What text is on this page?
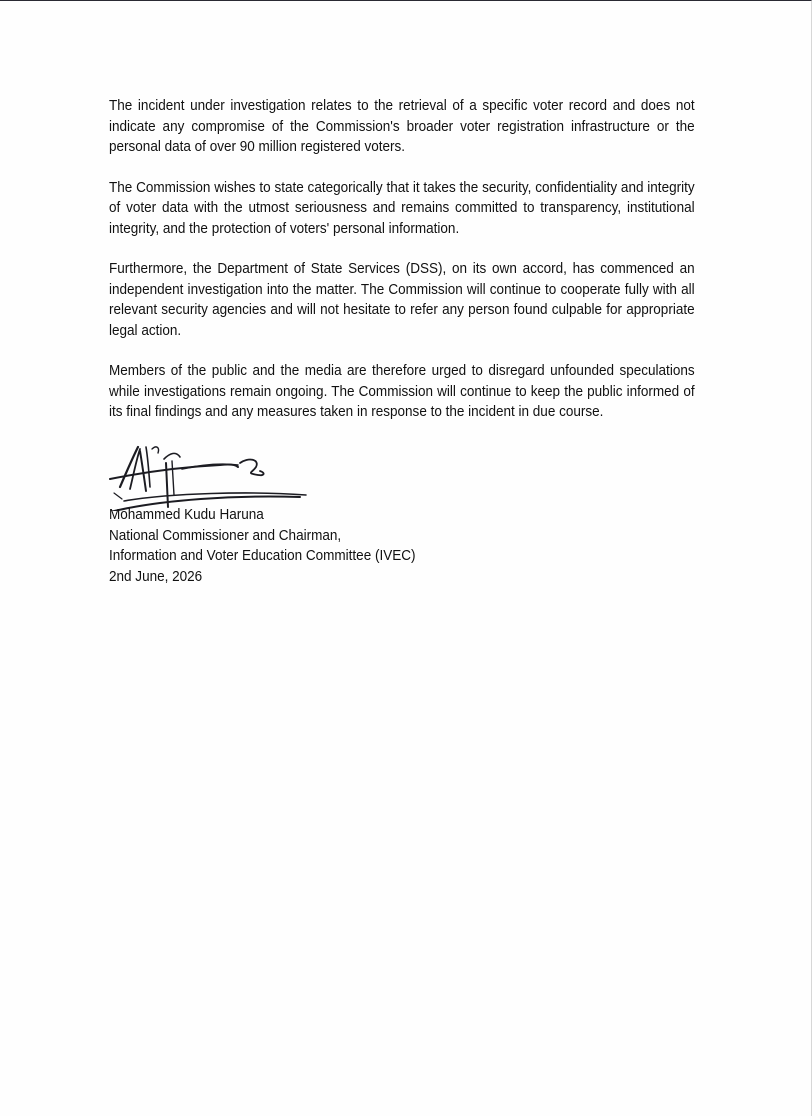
The incident under investigation relates to the retrieval of a specific voter record and does not indicate any compromise of the Commission's broader voter registration infrastructure or the personal data of over 90 million registered voters.

The Commission wishes to state categorically that it takes the security, confidentiality and integrity of voter data with the utmost seriousness and remains committed to transparency, institutional integrity, and the protection of voters' personal information.

Furthermore, the Department of State Services (DSS), on its own accord, has commenced an independent investigation into the matter. The Commission will continue to cooperate fully with all relevant security agencies and will not hesitate to refer any person found culpable for appropriate legal action.

Members of the public and the media are therefore urged to disregard unfounded speculations while investigations remain ongoing. The Commission will continue to keep the public informed of its final findings and any measures taken in response to the incident in due course.

Mohammed Kudu Haruna
National Commissioner and Chairman,
Information and Voter Education Committee (IVEC)
2nd June, 2026
